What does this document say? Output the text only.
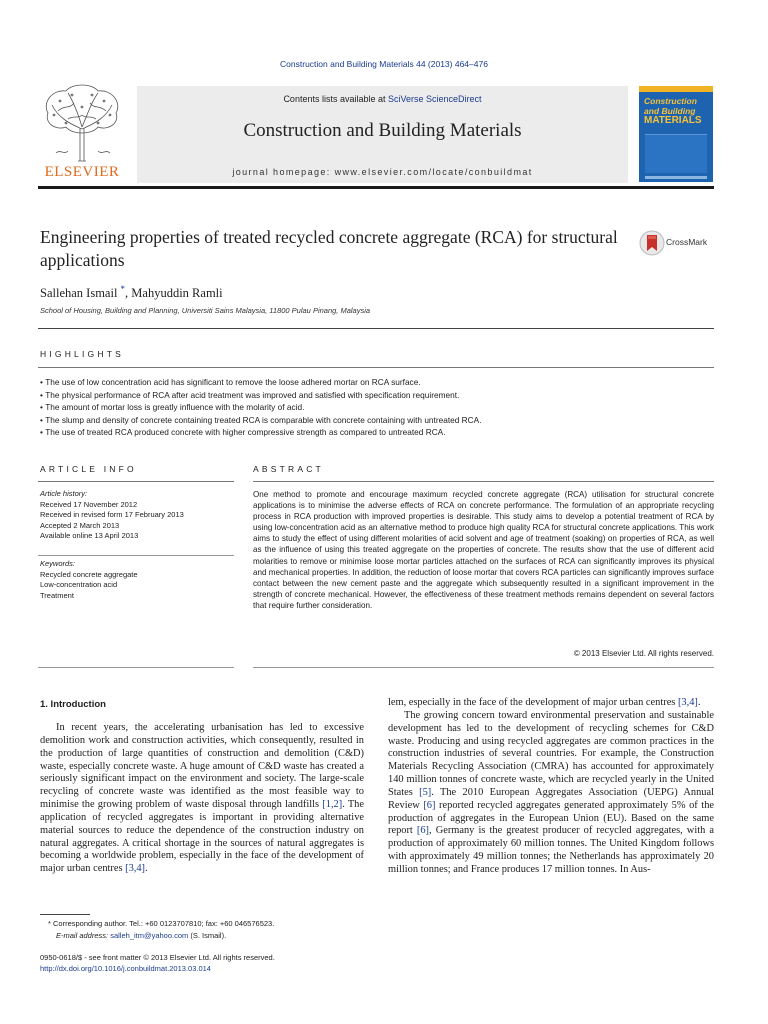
Construction and Building Materials 44 (2013) 464–476
ELSEVIER
Contents lists available at SciVerse ScienceDirect
Construction and Building Materials
journal homepage: www.elsevier.com/locate/conbuildmat
Construction
and Building
MATERIALS
Engineering properties of treated recycled concrete aggregate (RCA) for structural applications
CrossMark
Sallehan Ismail *, Mahyuddin Ramli
School of Housing, Building and Planning, Universiti Sains Malaysia, 11800 Pulau Pinang, Malaysia
HIGHLIGHTS
• The use of low concentration acid has significant to remove the loose adhered mortar on RCA surface.
• The physical performance of RCA after acid treatment was improved and satisfied with specification requirement.
• The amount of mortar loss is greatly influence with the molarity of acid.
• The slump and density of concrete containing treated RCA is comparable with concrete containing with untreated RCA.
• The use of treated RCA produced concrete with higher compressive strength as compared to untreated RCA.
ARTICLE INFO
Article history:
Received 17 November 2012
Received in revised form 17 February 2013
Accepted 2 March 2013
Available online 13 April 2013
Keywords:
Recycled concrete aggregate
Low-concentration acid
Treatment
ABSTRACT
One method to promote and encourage maximum recycled concrete aggregate (RCA) utilisation for structural concrete applications is to minimise the adverse effects of RCA on concrete performance. The formulation of an appropriate recycling process in RCA production with improved properties is desirable. This study aims to develop a potential treatment of RCA by using low-concentration acid as an alternative method to produce high quality RCA for structural concrete applications. This work aims to study the effect of using different molarities of acid solvent and age of treatment (soaking) on properties of RCA, as well as the influence of using this treated aggregate on the properties of concrete. The results show that the use of different acid molarities to remove or minimise loose mortar particles attached on the surfaces of RCA can significantly improves its physical and mechanical properties. In addition, the reduction of loose mortar that covers RCA particles can significantly improves surface contact between the new cement paste and the aggregate which subsequently resulted in a significant improvement in the strength of concrete mechanical. However, the effectiveness of these treatment methods remains dependent on several factors that require further consideration.
© 2013 Elsevier Ltd. All rights reserved.
1. Introduction

In recent years, the accelerating urbanisation has led to excessive demolition work and construction activities, which consequently, resulted in the production of large quantities of construction and demolition (C&D) waste, especially concrete waste. A huge amount of C&D waste has created a seriously significant impact on the environment and society. The large-scale recycling of concrete waste was identified as the most feasible way to minimise the growing problem of waste disposal through landfills [1,2]. The application of recycled aggregates is important in providing alternative material sources to reduce the dependence of the construction industry on natural aggregates. A critical shortage in the sources of natural aggregates is becoming a worldwide problem, especially in the face of the development of major urban centres [3,4].

lem, especially in the face of the development of major urban centres [3,4].

The growing concern toward environmental preservation and sustainable development has led to the development of recycling schemes for C&D waste. Producing and using recycled aggregates are common practices in the construction industries of several countries. For example, the Construction Materials Recycling Association (CMRA) has accounted for approximately 140 million tonnes of concrete waste, which are recycled yearly in the United States [5]. The 2010 European Aggregates Association (UEPG) Annual Review [6] reported recycled aggregates generated approximately 5% of the production of aggregates in the European Union (EU). Based on the same report [6], Germany is the greatest producer of recycled aggregates, with a production of approximately 60 million tonnes. The United Kingdom follows with approximately 49 million tonnes; the Netherlands has approximately 20 million tonnes; and France produces 17 million tonnes. In Aus-

* Corresponding author. Tel.: +60 0123707810; fax: +60 046576523.
E-mail address: salleh_itm@yahoo.com (S. Ismail).
0950-0618/$ - see front matter © 2013 Elsevier Ltd. All rights reserved.
http://dx.doi.org/10.1016/j.conbuildmat.2013.03.014
